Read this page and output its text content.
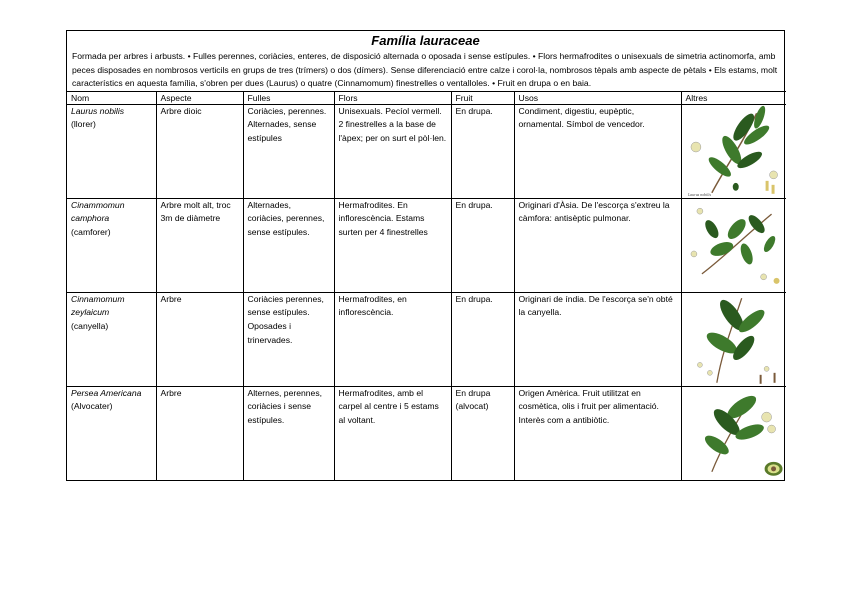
Família lauraceae
Formada per arbres i arbusts. • Fulles perennes, coriàcies, enteres, de disposició alternada o oposada i sense estípules. • Flors hermafrodites o unisexuals de simetria actinomorfa, amb peces disposades en nombrosos verticils en grups de tres (trímers) o dos (dímers). Sense diferenciació entre calze i corol·la, nombrosos tèpals amb aspecte de pètals • Els estams, molt característics en aquesta família, s'obren per dues (Laurus) o quatre (Cinnamomum) finestrelles o ventalloles. • Fruit en drupa o en baia.
Nom	Aspecte	Fulles	Flors	Fruit	Usos	Altres

Laurus nobilis
(llorer)	Arbre dioic	Coriàcies, perennes. Alternades, sense estípules	Unisexuals. Pecíol vermell. 2 finestrelles a la base de l'àpex; per on surt el pòl·len.	En drupa.	Condiment, digestiu, eupèptic, ornamental. Símbol de vencedor.	Laurus nobilis

Cinammomun camphora
(camforer)	Arbre molt alt, troc 3m de diàmetre	Alternades, coriàcies, perennes, sense estípules.	Hermafrodites. En inflorescència. Estams surten per 4 finestrelles	En drupa.	Originari d'Àsia. De l'escorça s'extreu la càmfora: antisèptic pulmonar.	

Cinnamomum zeylaicum
(canyella)	Arbre	Coriàcies perennes, sense estípules. Oposades i trinervades.	Hermafrodites, en inflorescència.	En drupa.	Originari de índia. De l'escorça se'n obté la canyella.	

Persea Americana
(Alvocater)	Arbre	Alternes, perennes, coriàcies i sense estípules.	Hermafrodites, amb el carpel al centre i 5 estams al voltant.	En drupa (alvocat)	Origen Amèrica. Fruit utilitzat en cosmètica, olis i fruit per alimentació. Interès com a antibiòtic.	
